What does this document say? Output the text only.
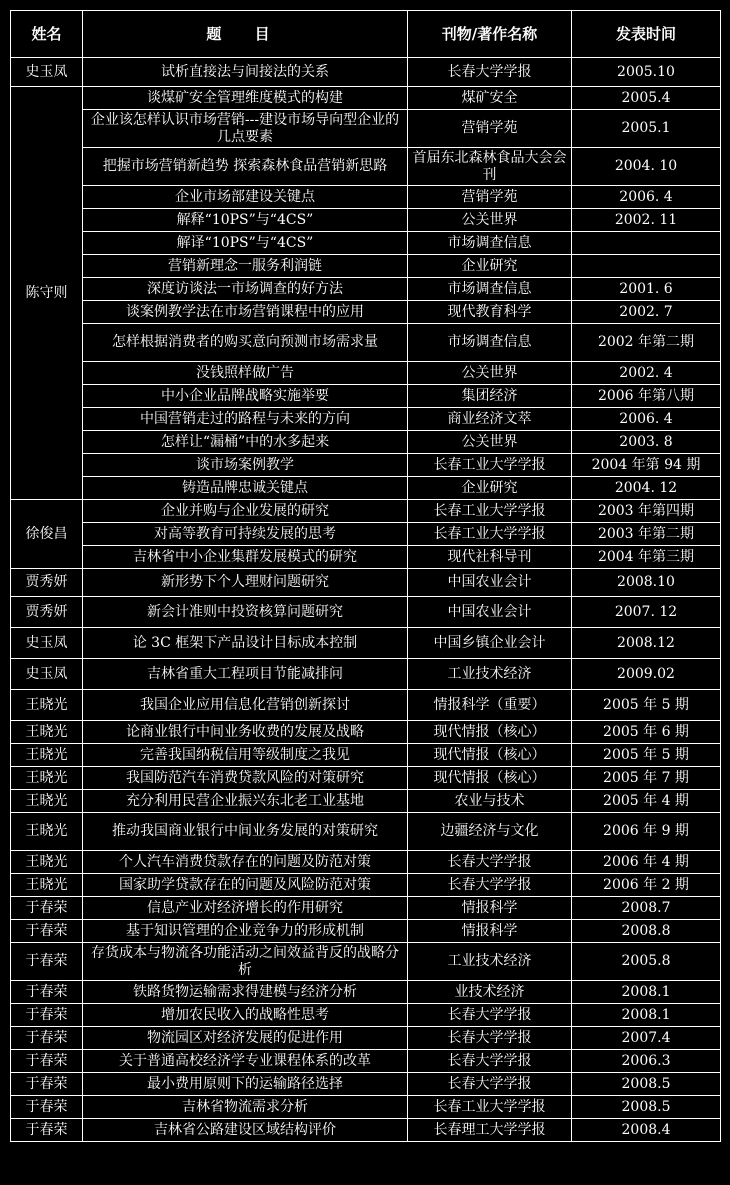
姓名	题 目	刊物/著作名称	发表时间
史玉凤	试析直接法与间接法的关系	长春大学学报	2005.10
陈守则	谈煤矿安全管理维度模式的构建	煤矿安全	2005.4
	企业该怎样认识市场营销---建设市场导向型企业的几点要素	营销学苑	2005.1
	把握市场营销新趋势 探索森林食品营销新思路	首届东北森林食品大会会刊	2004. 10
	企业市场部建设关键点	营销学苑	2006. 4
	解释“10PS”与“4CS”	公关世界	2002. 11
	解译“10PS”与“4CS”	市场调查信息	
	营销新理念一服务利润链	企业研究	
	深度访谈法一市场调查的好方法	市场调查信息	2001. 6
	谈案例教学法在市场营销课程中的应用	现代教育科学	2002. 7
	怎样根据消费者的购买意向预测市场需求量	市场调查信息	2002 年第二期
	没钱照样做广告	公关世界	2002. 4
	中小企业品牌战略实施举要	集团经济	2006 年第八期
	中国营销走过的路程与未来的方向	商业经济文萃	2006. 4
	怎样让“漏桶”中的水多起来	公关世界	2003. 8
	谈市场案例教学	长春工业大学学报	2004 年第 94 期
	铸造品牌忠诚关键点	企业研究	2004. 12
徐俊昌	企业并购与企业发展的研究	长春工业大学学报	2003 年第四期
	对高等教育可持续发展的思考	长春工业大学学报	2003 年第二期
	吉林省中小企业集群发展模式的研究	现代社科导刊	2004 年第三期
贾秀妍	新形势下个人理财问题研究	中国农业会计	2008.10
贾秀妍	新会计准则中投资核算问题研究	中国农业会计	2007. 12
史玉凤	论 3C 框架下产品设计目标成本控制	中国乡镇企业会计	2008.12
史玉凤	吉林省重大工程项目节能减排问	工业技术经济	2009.02
王晓光	我国企业应用信息化营销创新探讨	情报科学（重要）	2005 年 5 期
王晓光	论商业银行中间业务收费的发展及战略	现代情报（核心）	2005 年 6 期
王晓光	完善我国纳税信用等级制度之我见	现代情报（核心）	2005 年 5 期
王晓光	我国防范汽车消费贷款风险的对策研究	现代情报（核心）	2005 年 7 期
王晓光	充分利用民营企业振兴东北老工业基地	农业与技术	2005 年 4 期
王晓光	推动我国商业银行中间业务发展的对策研究	边疆经济与文化	2006 年 9 期
王晓光	个人汽车消费贷款存在的问题及防范对策	长春大学学报	2006 年 4 期
王晓光	国家助学贷款存在的问题及风险防范对策	长春大学学报	2006 年 2 期
于春荣	信息产业对经济增长的作用研究	情报科学	2008.7
于春荣	基于知识管理的企业竞争力的形成机制	情报科学	2008.8
于春荣	存货成本与物流各功能活动之间效益背反的战略分析	工业技术经济	2005.8
于春荣	铁路货物运输需求得建模与经济分析	业技术经济	2008.1
于春荣	增加农民收入的战略性思考	长春大学学报	2008.1
于春荣	物流园区对经济发展的促进作用	长春大学学报	2007.4
于春荣	关于普通高校经济学专业课程体系的改革	长春大学学报	2006.3
于春荣	最小费用原则下的运输路径选择	长春大学学报	2008.5
于春荣	吉林省物流需求分析	长春工业大学学报	2008.5
于春荣	吉林省公路建设区域结构评价	长春理工大学学报	2008.4
